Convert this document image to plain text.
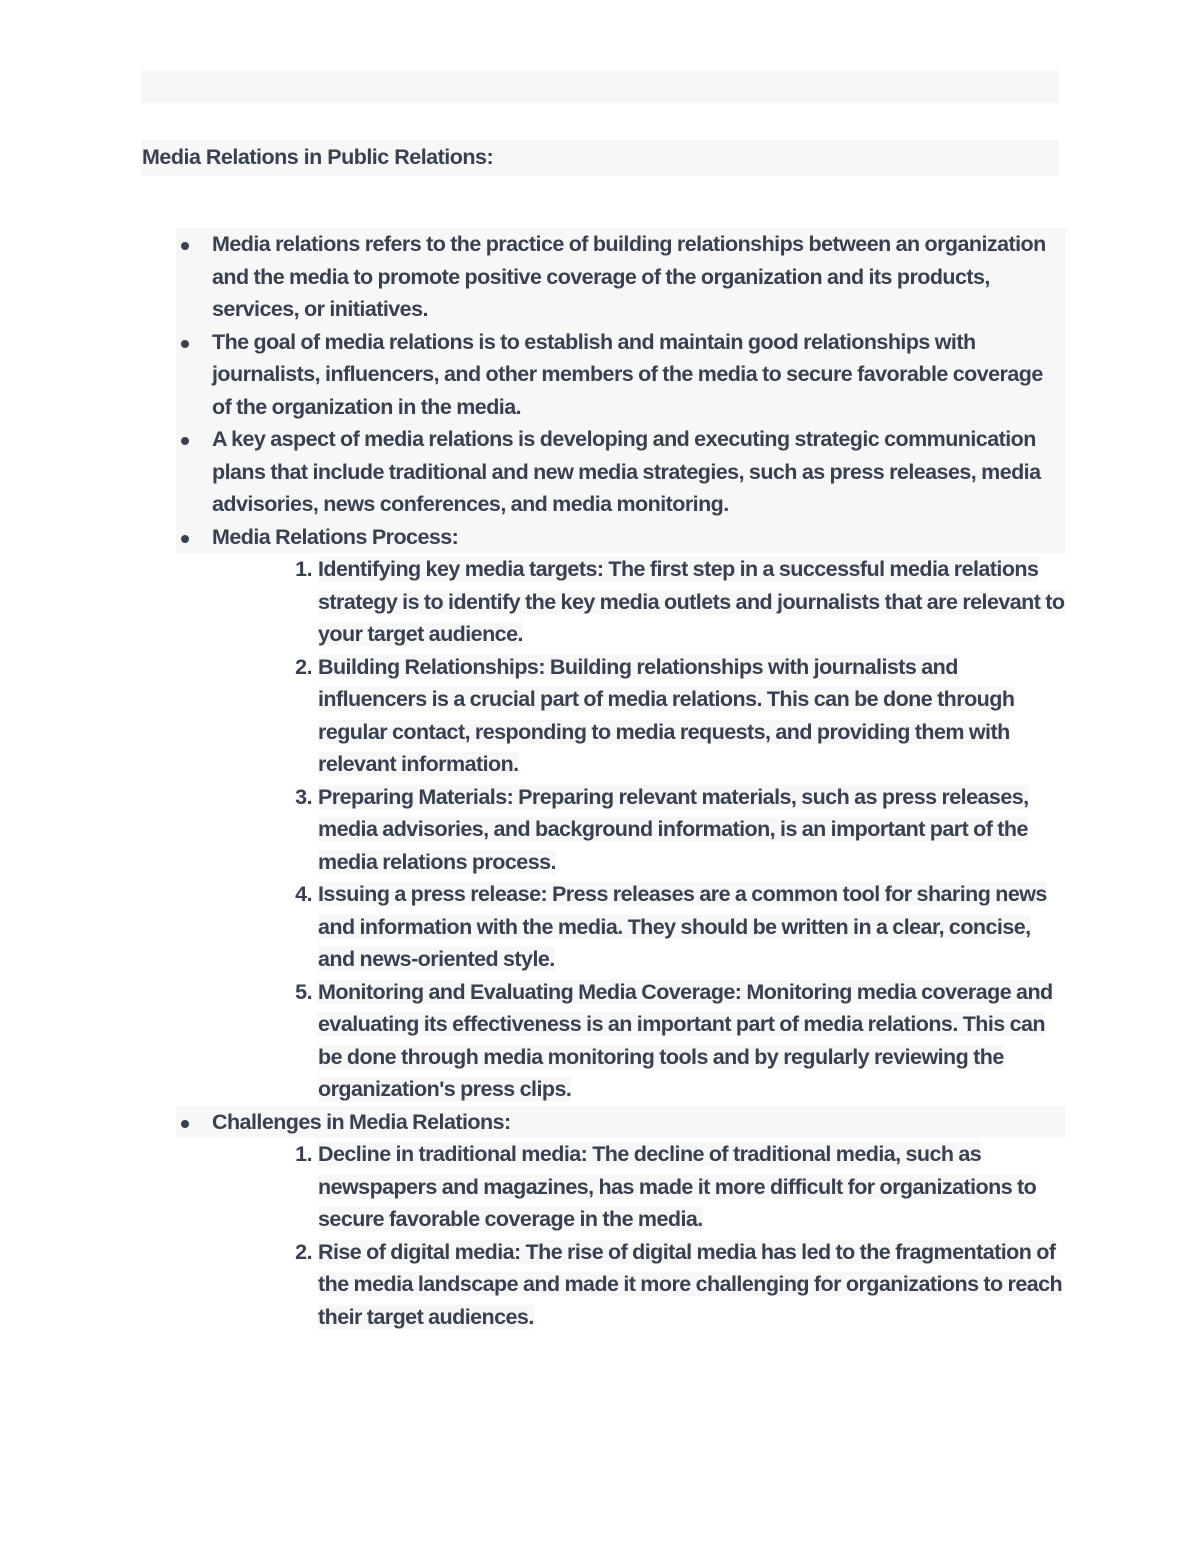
Media Relations in Public Relations:
Media relations refers to the practice of building relationships between an organization and the media to promote positive coverage of the organization and its products, services, or initiatives.
The goal of media relations is to establish and maintain good relationships with journalists, influencers, and other members of the media to secure favorable coverage of the organization in the media.
A key aspect of media relations is developing and executing strategic communication plans that include traditional and new media strategies, such as press releases, media advisories, news conferences, and media monitoring.
Media Relations Process:
1. Identifying key media targets: The first step in a successful media relations strategy is to identify the key media outlets and journalists that are relevant to your target audience.
2. Building Relationships: Building relationships with journalists and influencers is a crucial part of media relations. This can be done through regular contact, responding to media requests, and providing them with relevant information.
3. Preparing Materials: Preparing relevant materials, such as press releases, media advisories, and background information, is an important part of the media relations process.
4. Issuing a press release: Press releases are a common tool for sharing news and information with the media. They should be written in a clear, concise, and news-oriented style.
5. Monitoring and Evaluating Media Coverage: Monitoring media coverage and evaluating its effectiveness is an important part of media relations. This can be done through media monitoring tools and by regularly reviewing the organization's press clips.
Challenges in Media Relations:
1. Decline in traditional media: The decline of traditional media, such as newspapers and magazines, has made it more difficult for organizations to secure favorable coverage in the media.
2. Rise of digital media: The rise of digital media has led to the fragmentation of the media landscape and made it more challenging for organizations to reach their target audiences.
